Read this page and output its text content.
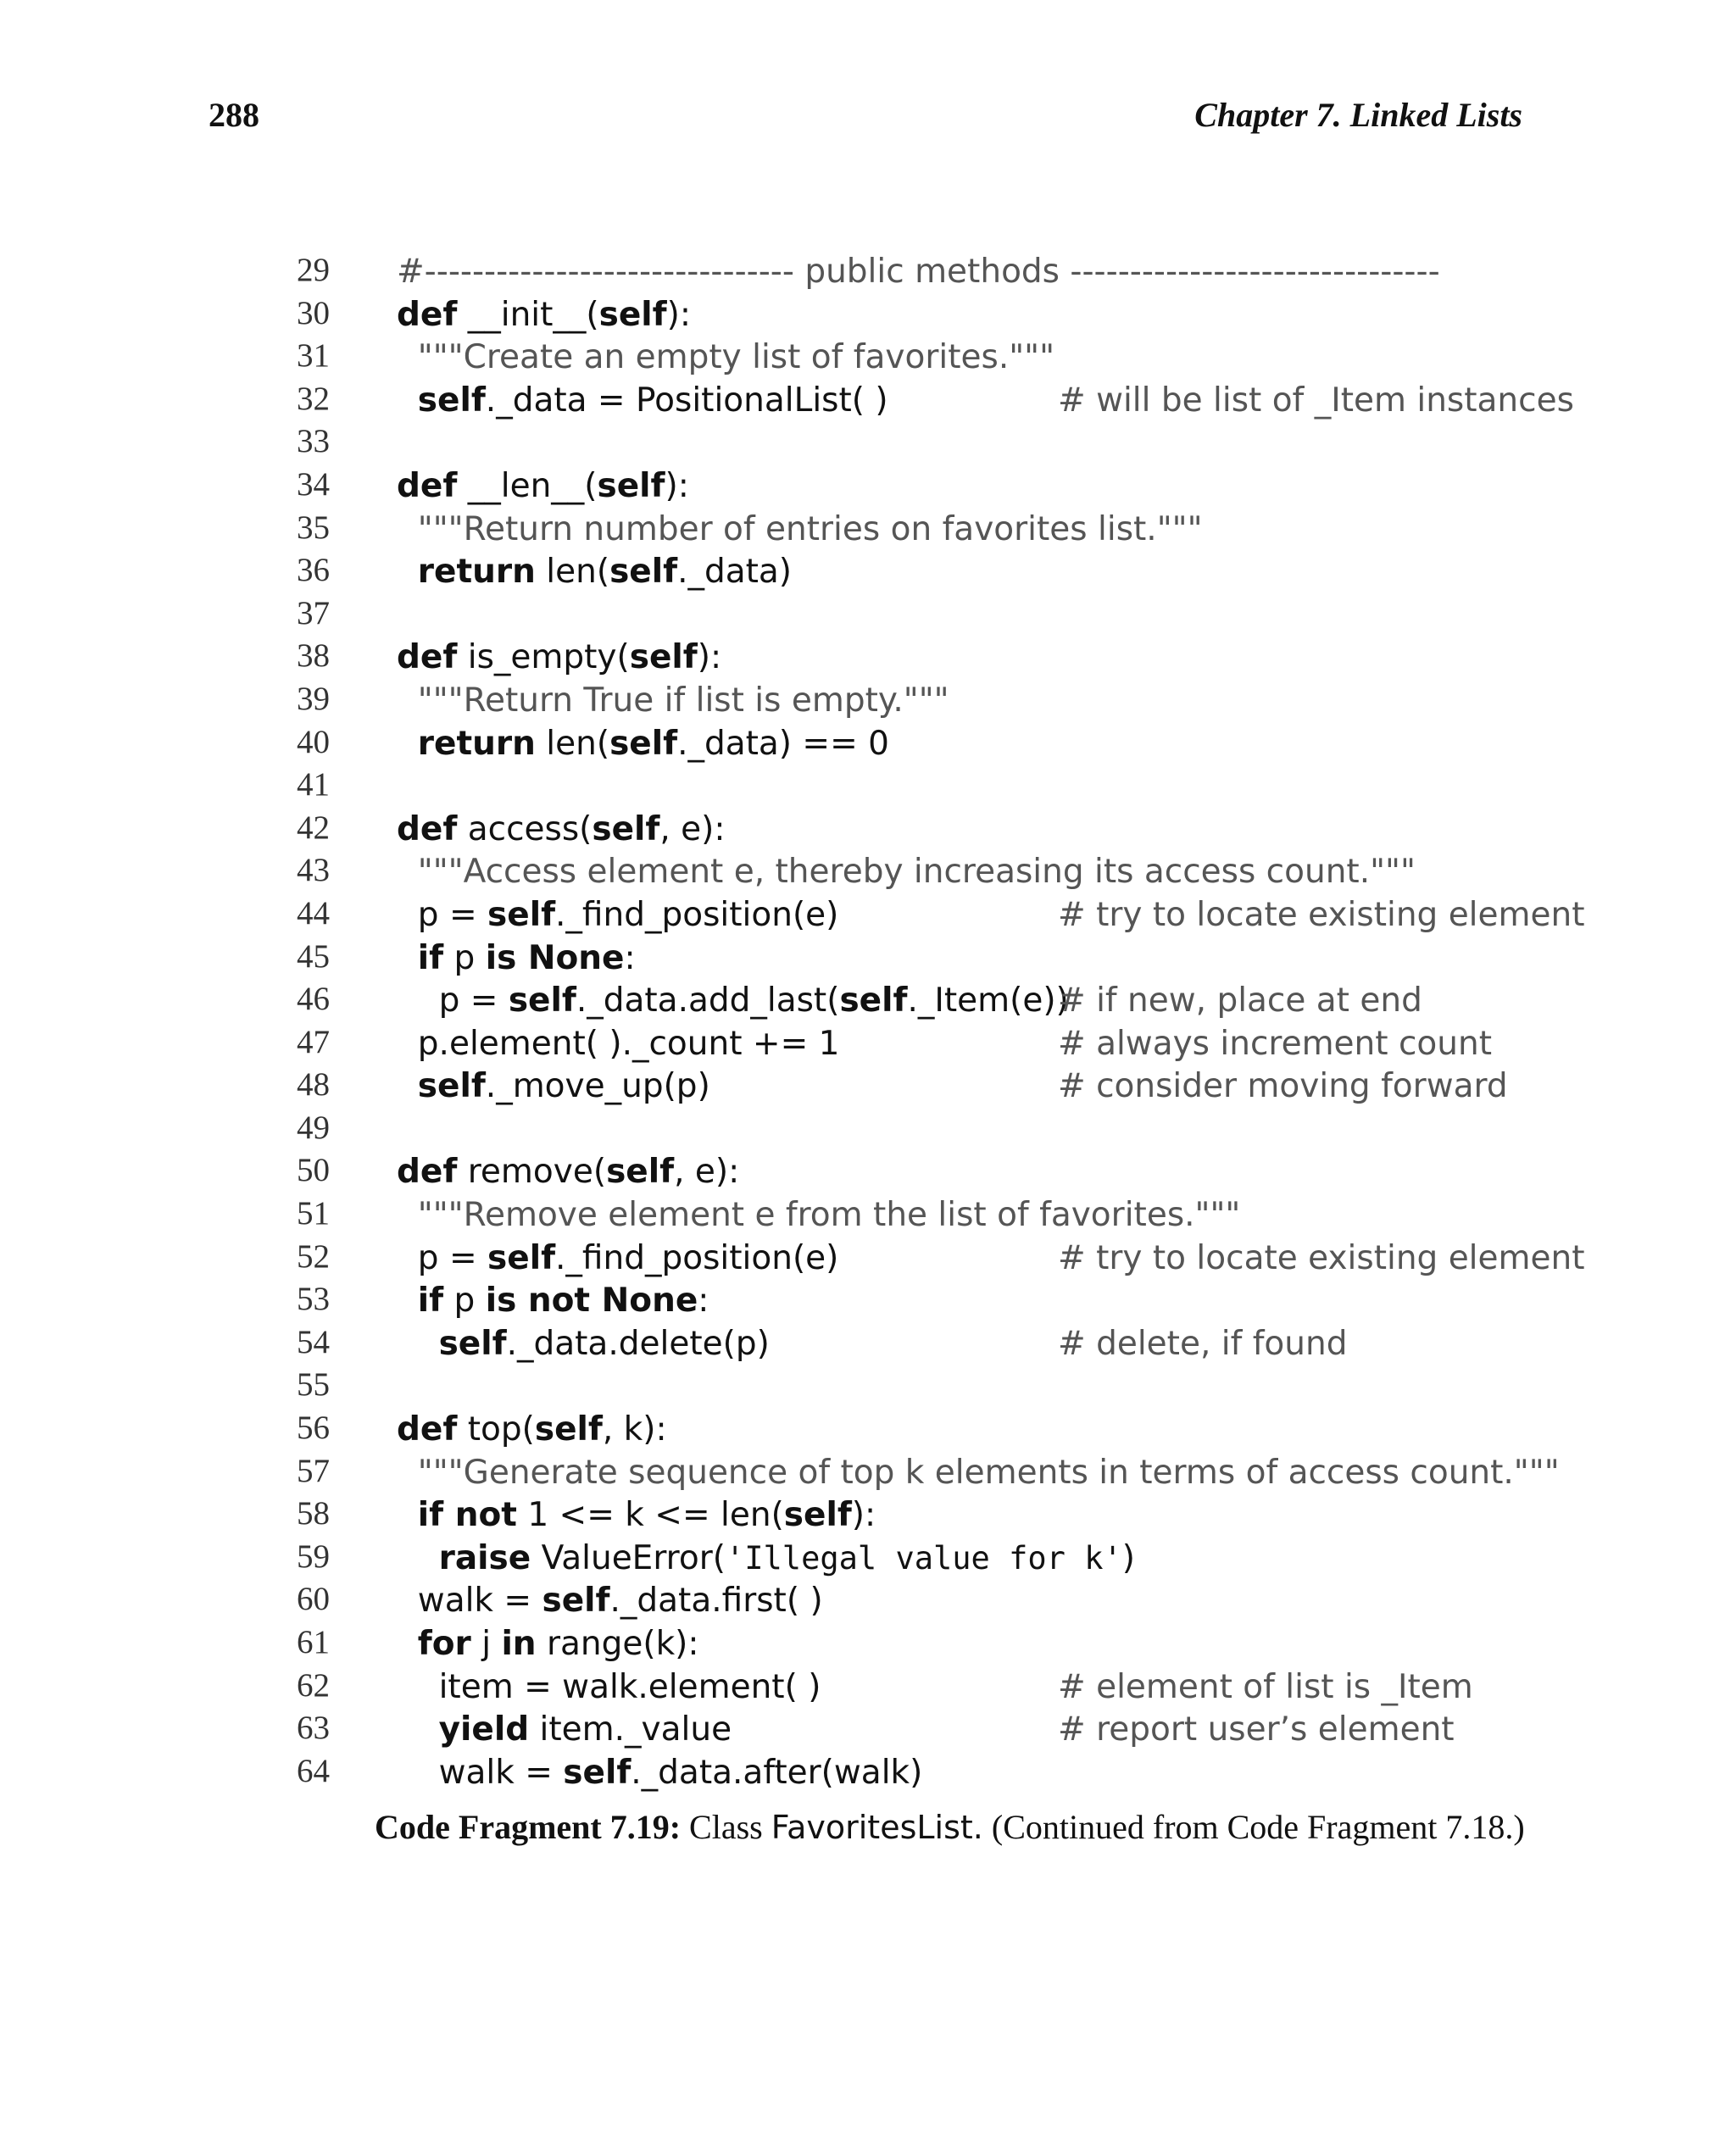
288	Chapter 7. Linked Lists
29 #------------------------------- public methods -------------------------------
30 def __init__(self):
31 """Create an empty list of favorites."""
32	self._data = PositionalList( )	# will be list of _Item instances
33
34 def __len__(self):
35 """Return number of entries on favorites list."""
36	return len(self._data)
37
38 def is_empty(self):
39 """Return True if list is empty."""
40	return len(self._data) == 0
41
42 def access(self, e):
43 """Access element e, thereby increasing its access count."""
44 p = self._find_position(e)	# try to locate existing element
45	if p is None:
46 p = self._data.add_last(self._Item(e))
# if new, place at end
47 p.element( )._count += 1	# always increment count
48	self._move_up(p)	# consider moving forward
49
50 def remove(self, e):
51 """Remove element e from the list of favorites."""
52 p = self._find_position(e)	# try to locate existing element
53	if p is not None:
54	self._data.delete(p)	# delete, if found
55
56 def top(self, k):
57 """Generate sequence of top k elements in terms of access count."""
58	if not 1 <= k <= len(self):
59	raise ValueError('Illegal value for k')
60 walk = self._data.first( )
61	for j in range(k):
62 item = walk.element( )	# element of list is _Item
63	yield item._value	# report user’s element
64 walk = self._data.after(walk)
Code Fragment 7.19: Class FavoritesList. (Continued from Code Fragment 7.18.)
